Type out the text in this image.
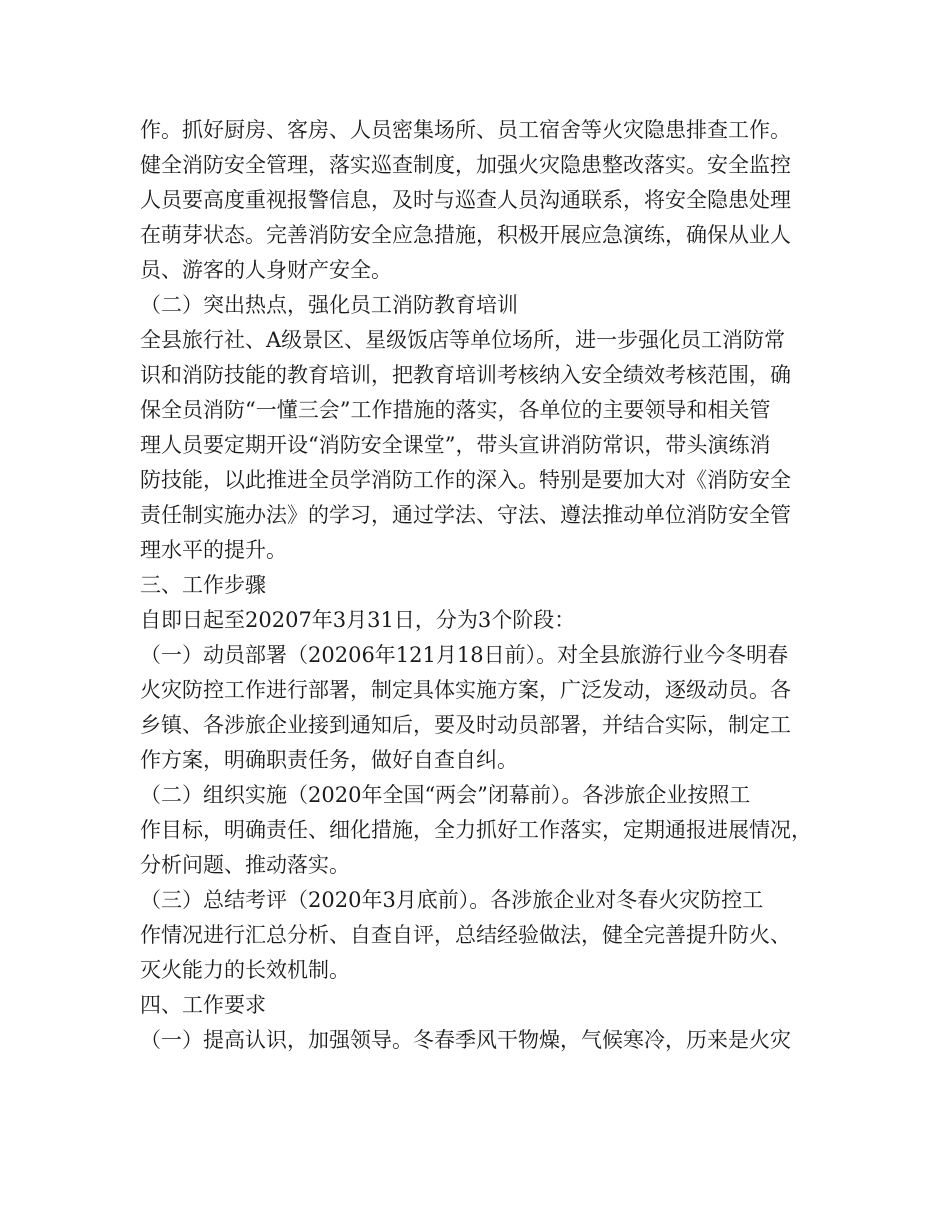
作。抓好厨房、客房、人员密集场所、员工宿舍等火灾隐患排查工作。
健全消防安全管理，落实巡查制度，加强火灾隐患整改落实。安全监控
人员要高度重视报警信息，及时与巡查人员沟通联系，将安全隐患处理
在萌芽状态。完善消防安全应急措施，积极开展应急演练，确保从业人
员、游客的人身财产安全。
（二）突出热点，强化员工消防教育培训
全县旅行社、A级景区、星级饭店等单位场所，进一步强化员工消防常
识和消防技能的教育培训，把教育培训考核纳入安全绩效考核范围，确
保全员消防“一懂三会”工作措施的落实，各单位的主要领导和相关管
理人员要定期开设“消防安全课堂”，带头宣讲消防常识，带头演练消
防技能，以此推进全员学消防工作的深入。特别是要加大对《消防安全
责任制实施办法》的学习，通过学法、守法、遵法推动单位消防安全管
理水平的提升。
三、工作步骤
自即日起至20207年3月31日，分为3个阶段：
（一）动员部署（20206年121月18日前）。对全县旅游行业今冬明春
火灾防控工作进行部署，制定具体实施方案，广泛发动，逐级动员。各
乡镇、各涉旅企业接到通知后，要及时动员部署，并结合实际，制定工
作方案，明确职责任务，做好自查自纠。
（二）组织实施（2020年全国“两会”闭幕前）。各涉旅企业按照工
作目标，明确责任、细化措施，全力抓好工作落实，定期通报进展情况，
分析问题、推动落实。
（三）总结考评（2020年3月底前）。各涉旅企业对冬春火灾防控工
作情况进行汇总分析、自查自评，总结经验做法，健全完善提升防火、
灭火能力的长效机制。
四、工作要求
（一）提高认识，加强领导。冬春季风干物燥，气候寒冷，历来是火灾
